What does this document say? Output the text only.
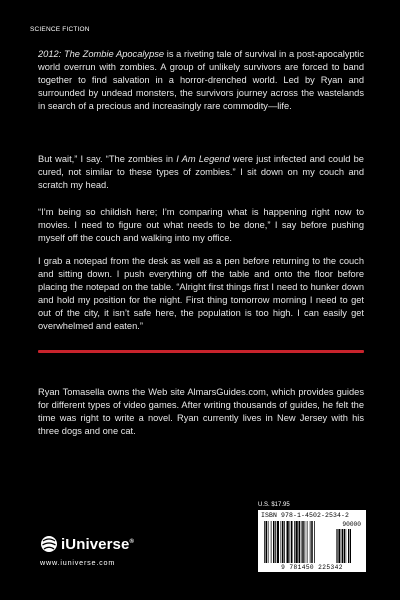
SCIENCE FICTION

2012: The Zombie Apocalypse is a riveting tale of survival in a post-apocalyptic world overrun with zombies. A group of unlikely survivors are forced to band together to find salvation in a horror-drenched world. Led by Ryan and surrounded by undead monsters, the survivors journey across the wastelands in search of a precious and increasingly rare commodity—life.

But wait,” I say. “The zombies in I Am Legend were just infected and could be cured, not similar to these types of zombies.” I sit down on my couch and scratch my head.

“I’m being so childish here; I’m comparing what is happening right now to movies. I need to figure out what needs to be done,” I say before pushing myself off the couch and walking into my office.

I grab a notepad from the desk as well as a pen before returning to the couch and sitting down. I push everything off the table and onto the floor before placing the notepad on the table. “Alright first things first I need to hunker down and hold my position for the night. First thing tomorrow morning I need to get out of the city, it isn’t safe here, the population is too high. I can easily get overwhelmed and eaten.”

Ryan Tomasella owns the Web site AlmarsGuides.com, which provides guides for different types of video games. After writing thousands of guides, he felt the time was right to write a novel. Ryan currently lives in New Jersey with his three dogs and one cat.

U.S. $17.95
ISBN 978-1-4502-2534-2
9 781450 225342
90000
iUniverse®
www.iuniverse.com
